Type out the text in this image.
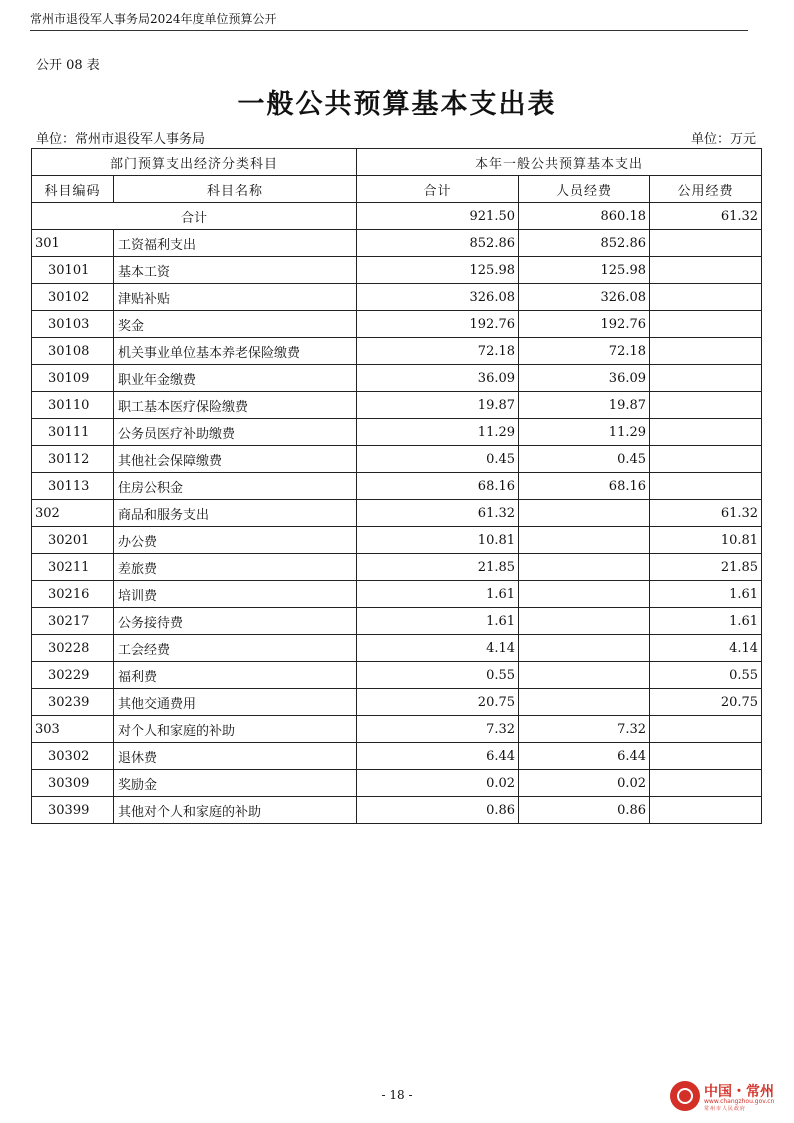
常州市退役军人事务局2024年度单位预算公开
公开 08 表
一般公共预算基本支出表
单位：常州市退役军人事务局	单位：万元
部门预算支出经济分类科目		本年一般公共预算基本支出		
科目编码	科目名称	合计	人员经费	公用经费
合计		921.50	860.18	61.32
301	工资福利支出	852.86	852.86	
30101	基本工资	125.98	125.98	
30102	津贴补贴	326.08	326.08	
30103	奖金	192.76	192.76	
30108	机关事业单位基本养老保险缴费	72.18	72.18	
30109	职业年金缴费	36.09	36.09	
30110	职工基本医疗保险缴费	19.87	19.87	
30111	公务员医疗补助缴费	11.29	11.29	
30112	其他社会保障缴费	0.45	0.45	
30113	住房公积金	68.16	68.16	
302	商品和服务支出	61.32		61.32
30201	办公费	10.81		10.81
30211	差旅费	21.85		21.85
30216	培训费	1.61		1.61
30217	公务接待费	1.61		1.61
30228	工会经费	4.14		4.14
30229	福利费	0.55		0.55
30239	其他交通费用	20.75		20.75
303	对个人和家庭的补助	7.32	7.32	
30302	退休费	6.44	6.44	
30309	奖励金	0.02	0.02	
30399	其他对个人和家庭的补助	0.86	0.86	
- 18 -	中国・常州
www.changzhou.gov.cn
常州市人民政府
